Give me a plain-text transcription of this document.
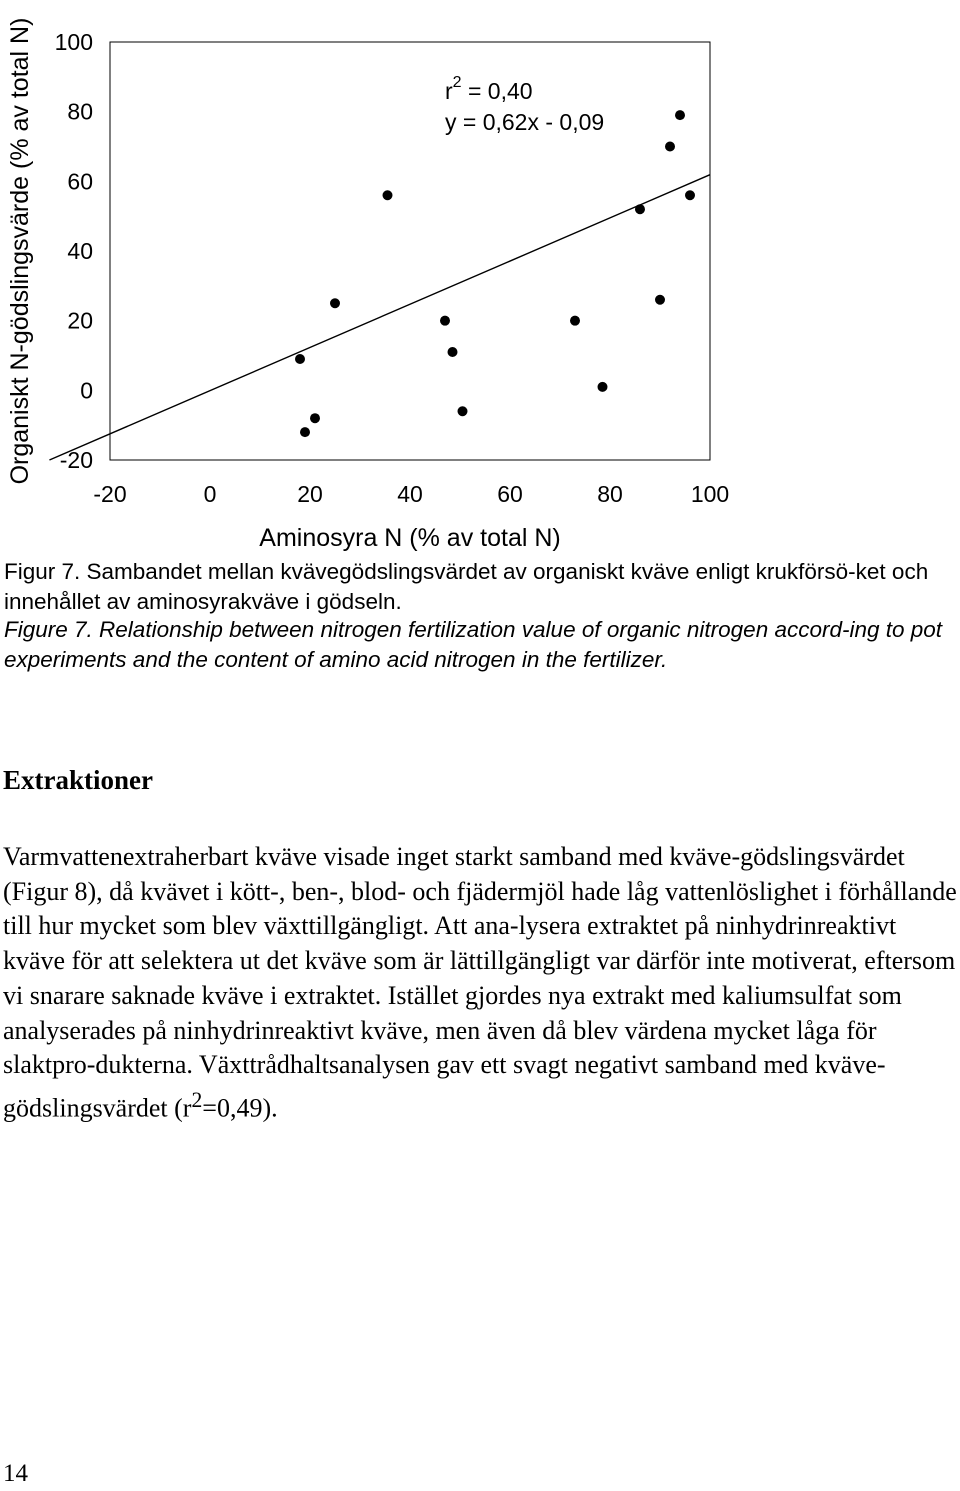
100
80
60
40
20
0
-20
-20	0	20	40	60	80	100
$r^2 = 0,40$
y = 0,62x - 0,09
Aminosyra N (% av total N)
Organiskt N-gödslingsvärde (% av total N)

Figur 7. Sambandet mellan kvävegödslingsvärdet av organiskt kväve enligt krukförsö-ket och innehållet av aminosyrakväve i gödseln.

Figure 7. Relationship between nitrogen fertilization value of organic nitrogen accord-ing to pot experiments and the content of amino acid nitrogen in the fertilizer.

Extraktioner

Varmvattenextraherbart kväve visade inget starkt samband med kväve-gödslingsvärdet (Figur 8), då kvävet i kött-, ben-, blod- och fjädermjöl hade låg vattenlöslighet i förhållande till hur mycket som blev växttillgängligt. Att ana-lysera extraktet på ninhydrinreaktivt kväve för att selektera ut det kväve som är lättillgängligt var därför inte motiverat, eftersom vi snarare saknade kväve i extraktet. Istället gjordes nya extrakt med kaliumsulfat som analyserades på ninhydrinreaktivt kväve, men även då blev värdena mycket låga för slaktpro-dukterna. Växttrådhaltsanalysen gav ett svagt negativt samband med kväve-gödslingsvärdet $(r^2=0,49)$.

14
